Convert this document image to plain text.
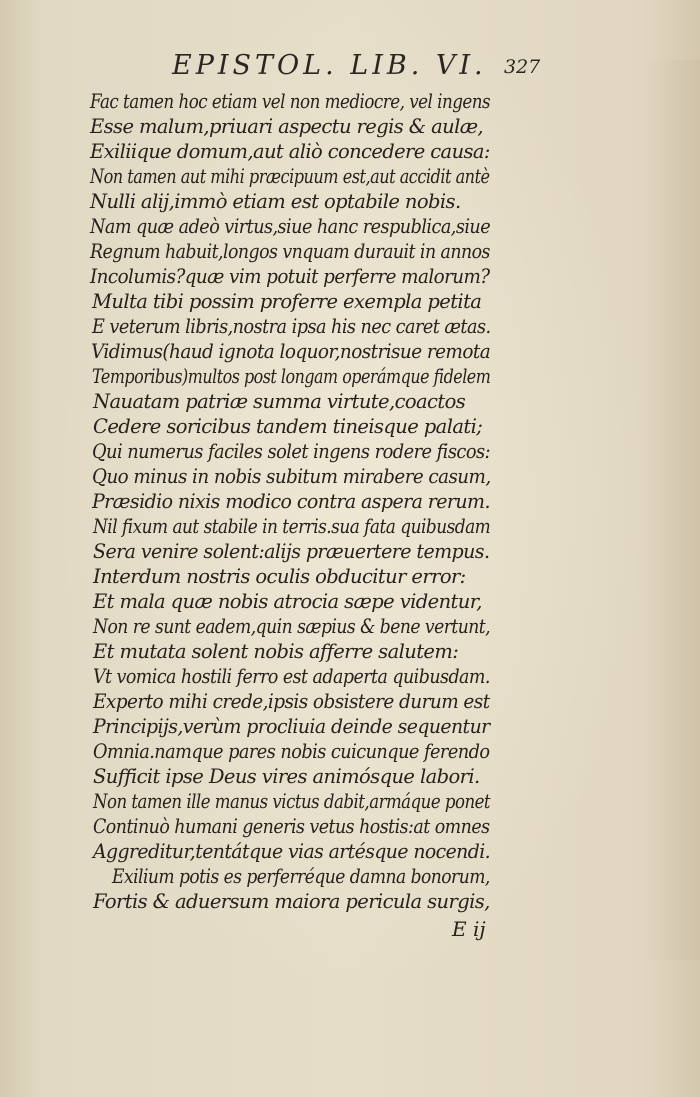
EPISTOL. LIB. VI. 327
Fac tamen hoc etiam vel non mediocre, vel ingens
Esse malum,priuari aspectu regis & aulæ,
Exiliique domum,aut aliò concedere causa:
Non tamen aut mihi præcipuum est,aut accidit antè
Nulli alij,immò etiam est optabile nobis.
Nam quæ adeò virtus,siue hanc respublica,siue
Regnum habuit,longos vnquam durauit in annos
Incolumis?quæ vim potuit perferre malorum?
Multa tibi possim proferre exempla petita
E veterum libris,nostra ipsa his nec caret ætas.
Vidimus(haud ignota loquor,nostrisue remota
Temporibus)multos post longam operámque fidelem
Nauatam patriæ summa virtute,coactos
Cedere soricibus tandem tineisque palati;
Qui numerus faciles solet ingens rodere fiscos:
Quo minus in nobis subitum mirabere casum,
Præsidio nixis modico contra aspera rerum.
Nil fixum aut stabile in terris.sua fata quibusdam
Sera venire solent:alijs præuertere tempus.
Interdum nostris oculis obducitur error:
Et mala quæ nobis atrocia sæpe videntur,
Non re sunt eadem,quin sæpius & bene vertunt,
Et mutata solent nobis afferre salutem:
Vt vomica hostili ferro est adaperta quibusdam.
Experto mihi crede,ipsis obsistere durum est
Principijs,verùm procliuia deinde sequentur
Omnia.namque pares nobis cuicunque ferendo
Sufficit ipse Deus vires animósque labori.
Non tamen ille manus victus dabit,armáque ponet
Continuò humani generis vetus hostis:at omnes
Aggreditur,tentátque vias artésque nocendi.
Exilium potis es perferréque damna bonorum,
Fortis & aduersum maiora pericula surgis,
E ij
